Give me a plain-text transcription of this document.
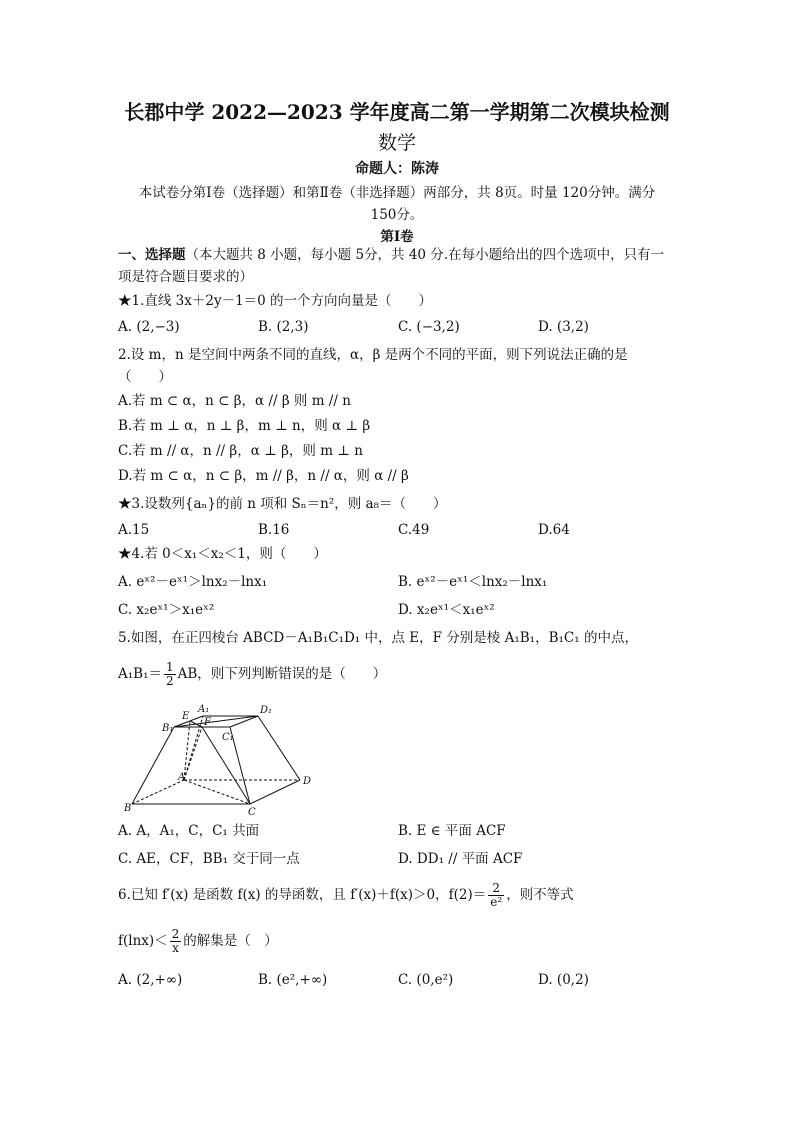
长郡中学 2022—2023 学年度高二第一学期第二次模块检测
数学
命题人：陈涛
本试卷分第Ⅰ卷（选择题）和第Ⅱ卷（非选择题）两部分，共 8页。时量 120分钟。满分
150分。
第Ⅰ卷
一、选择题（本大题共 8 小题，每小题 5分，共 40 分.在每小题给出的四个选项中，只有一
项是符合题目要求的）
★1.直线 3x＋2y－1＝0 的一个方向向量是（　　）
A. (2,−3)	B. (2,3)	C. (−3,2)	D. (3,2)
2.设 m，n 是空间中两条不同的直线，α，β 是两个不同的平面，则下列说法正确的是
（　　）
A.若 m ⊂ α，n ⊂ β，α // β 则 m // n
B.若 m ⊥ α，n ⊥ β，m ⊥ n，则 α ⊥ β
C.若 m // α，n // β，α ⊥ β，则 m ⊥ n
D.若 m ⊂ α，n ⊂ β，m // β，n // α，则 α // β
★3.设数列{aₙ}的前 n 项和 Sₙ＝n²，则 a₈＝（　　）
A.15	B.16	C.49	D.64
★4.若 0＜x₁＜x₂＜1，则（　　）
A. eˣ²－eˣ¹＞lnx₂－lnx₁	B. eˣ²－eˣ¹＜lnx₂－lnx₁
C. x₂eˣ¹＞x₁eˣ²	D. x₂eˣ¹＜x₁eˣ²
5.如图，在正四棱台 ABCD－A₁B₁C₁D₁ 中，点 E，F 分别是棱 A₁B₁，B₁C₁ 的中点，
$A_1B_1= \frac{1}{2}$ AB，则下列判断错误的是（　　）
B₁
E
A₁
F
D₁
C₁
A	D
B	C
A. A，A₁，C，C₁ 共面	B. E ∈ 平面 ACF
C. AE，CF，BB₁ 交于同一点	D. DD₁ // 平面 ACF
6.已知 f′(x) 是函数 f(x) 的导函数，且 f′(x)＋f(x)＞0，$f(2)= \frac{2}{\text{e²}}$ ，则不等式
$f(\ln x)< \frac{2}{x}$ 的解集是（　）
A. (2,+∞)	B. (e²,+∞)	C. (0,e²)	D. (0,2)
